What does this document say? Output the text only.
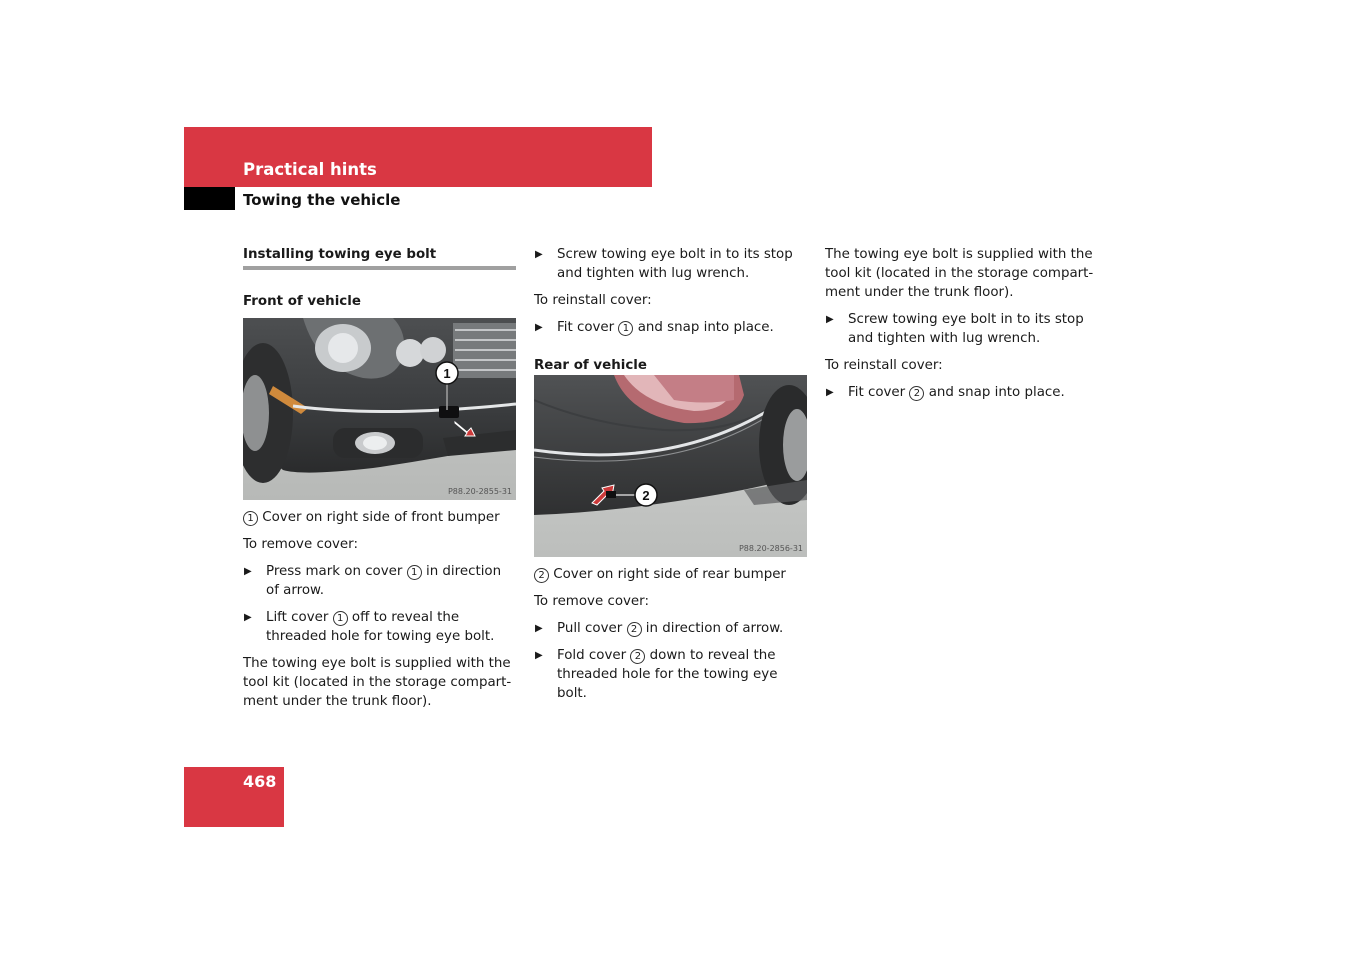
Practical hints
Towing the vehicle

Installing towing eye bolt

Front of vehicle

1
P88.20-2855-31

1 Cover on right side of front bumper

To remove cover:

▶ Press mark on cover 1 in direction of arrow.
▶ Lift cover 1 off to reveal the threaded hole for towing eye bolt.

The towing eye bolt is supplied with the tool kit (located in the storage compart-ment under the trunk floor).

▶ Screw towing eye bolt in to its stop and tighten with lug wrench.

To reinstall cover:

▶ Fit cover 1 and snap into place.

Rear of vehicle

2
P88.20-2856-31

2 Cover on right side of rear bumper

To remove cover:

▶ Pull cover 2 in direction of arrow.
▶ Fold cover 2 down to reveal the threaded hole for the towing eye bolt.

The towing eye bolt is supplied with the tool kit (located in the storage compart-ment under the trunk floor).

▶ Screw towing eye bolt in to its stop and tighten with lug wrench.

To reinstall cover:

▶ Fit cover 2 and snap into place.
468
